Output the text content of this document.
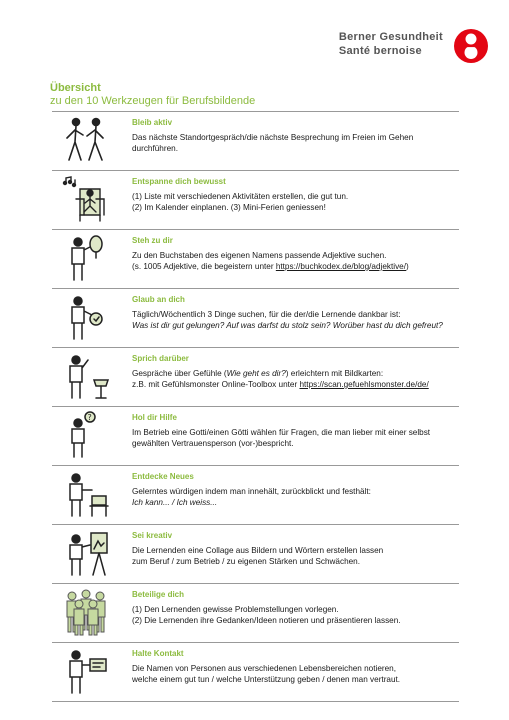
Berner Gesundheit
Santé bernoise
Übersicht
zu den 10 Werkzeugen für Berufsbildende
Bleib aktiv
Das nächste Standortgespräch/die nächste Besprechung im Freien im Gehen
durchführen.
Entspanne dich bewusst
(1) Liste mit verschiedenen Aktivitäten erstellen, die gut tun.
(2) Im Kalender einplanen. (3) Mini-Ferien geniessen!
Steh zu dir
Zu den Buchstaben des eigenen Namens passende Adjektive suchen.
(s. 1005 Adjektive, die begeistern unter https://buchkodex.de/blog/adjektive/)
Glaub an dich
Täglich/Wöchentlich 3 Dinge suchen, für die der/die Lernende dankbar ist:
Was ist dir gut gelungen? Auf was darfst du stolz sein? Worüber hast du dich gefreut?
Sprich darüber
Gespräche über Gefühle (Wie geht es dir?) erleichtern mit Bildkarten:
z.B. mit Gefühlsmonster Online-Toolbox unter https://scan.gefuehlsmonster.de/de/
?	Hol dir Hilfe
Im Betrieb eine Gotti/einen Götti wählen für Fragen, die man lieber mit einer selbst
gewählten Vertrauensperson (vor-)bespricht.
Entdecke Neues
Gelerntes würdigen indem man innehält, zurückblickt und festhält:
Ich kann... / Ich weiss...
Sei kreativ
Die Lernenden eine Collage aus Bildern und Wörtern erstellen lassen
zum Beruf / zum Betrieb / zu eigenen Stärken und Schwächen.
Beteilige dich
(1) Den Lernenden gewisse Problemstellungen vorlegen.
(2) Die Lernenden ihre Gedanken/Ideen notieren und präsentieren lassen.
Halte Kontakt
Die Namen von Personen aus verschiedenen Lebensbereichen notieren,
welche einem gut tun / welche Unterstützung geben / denen man vertraut.
